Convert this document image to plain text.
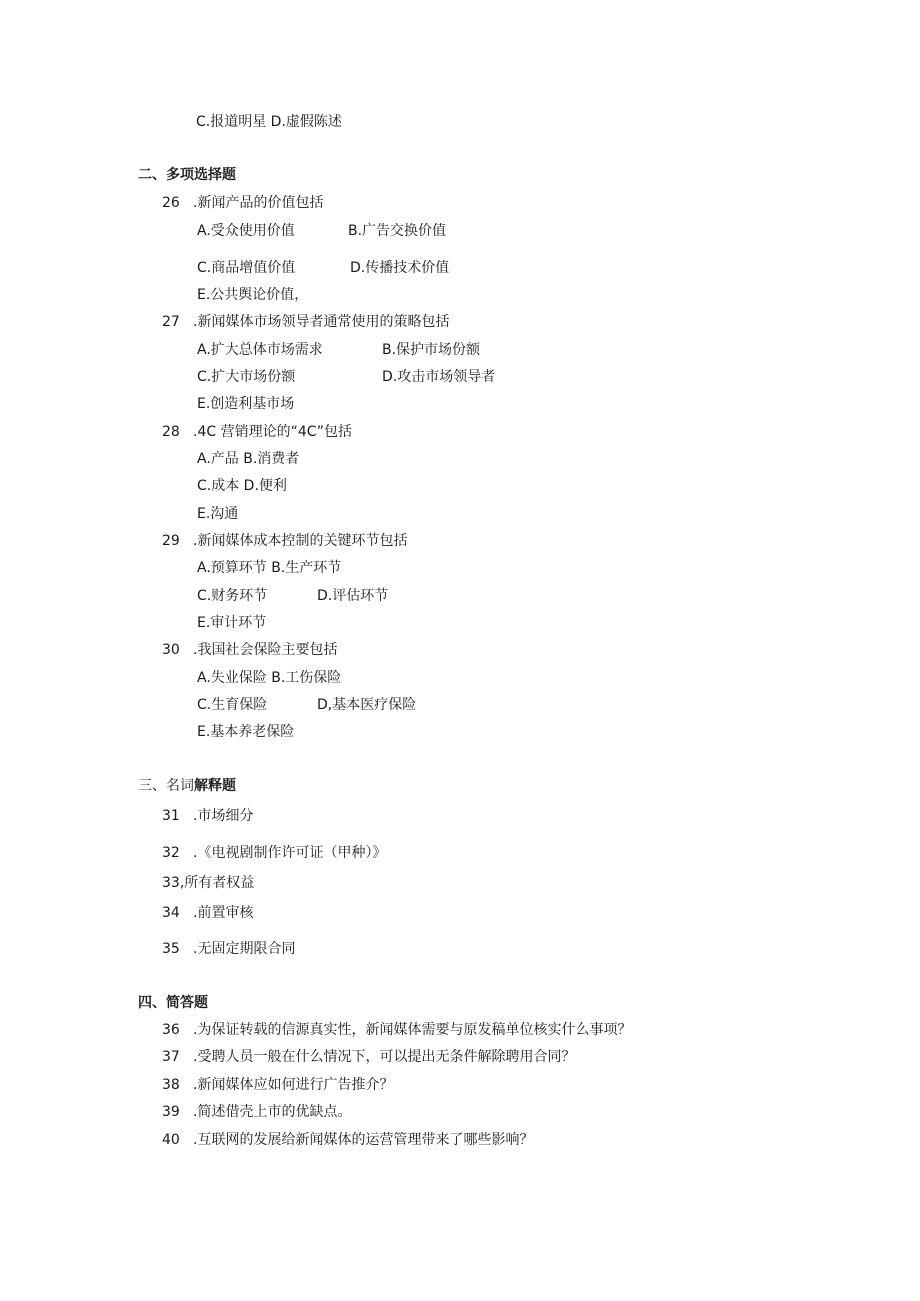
C.报道明星 D.虚假陈述
二、多项选择题
26 .新闻产品的价值包括
A.受众使用价值	B.广告交换价值
C.商品增值价值	D.传播技术价值
E.公共舆论价值，
27 .新闻媒体市场领导者通常使用的策略包括
A.扩大总体市场需求	B.保护市场份额
C.扩大市场份额	D.攻击市场领导者
E.创造利基市场
28 .4C 营销理论的“4C”包括
A.产品 B.消费者
C.成本 D.便利
E.沟通
29 .新闻媒体成本控制的关键环节包括
A.预算环节 B.生产环节
C.财务环节	D.评估环节
E.审计环节
30 .我国社会保险主要包括
A.失业保险 B.工伤保险
C.生育保险	D,基本医疗保险
E.基本养老保险
三、名词解释题
31 .市场细分
32 .《电视剧制作许可证（甲种）》
33,所有者权益
34 .前置审核
35 .无固定期限合同
四、简答题
36 .为保证转载的信源真实性，新闻媒体需要与原发稿单位核实什么事项？
37 .受聘人员一般在什么情况下，可以提出无条件解除聘用合同？
38 .新闻媒体应如何进行广告推介？
39 .简述借壳上市的优缺点。
40 .互联网的发展给新闻媒体的运营管理带来了哪些影响？
